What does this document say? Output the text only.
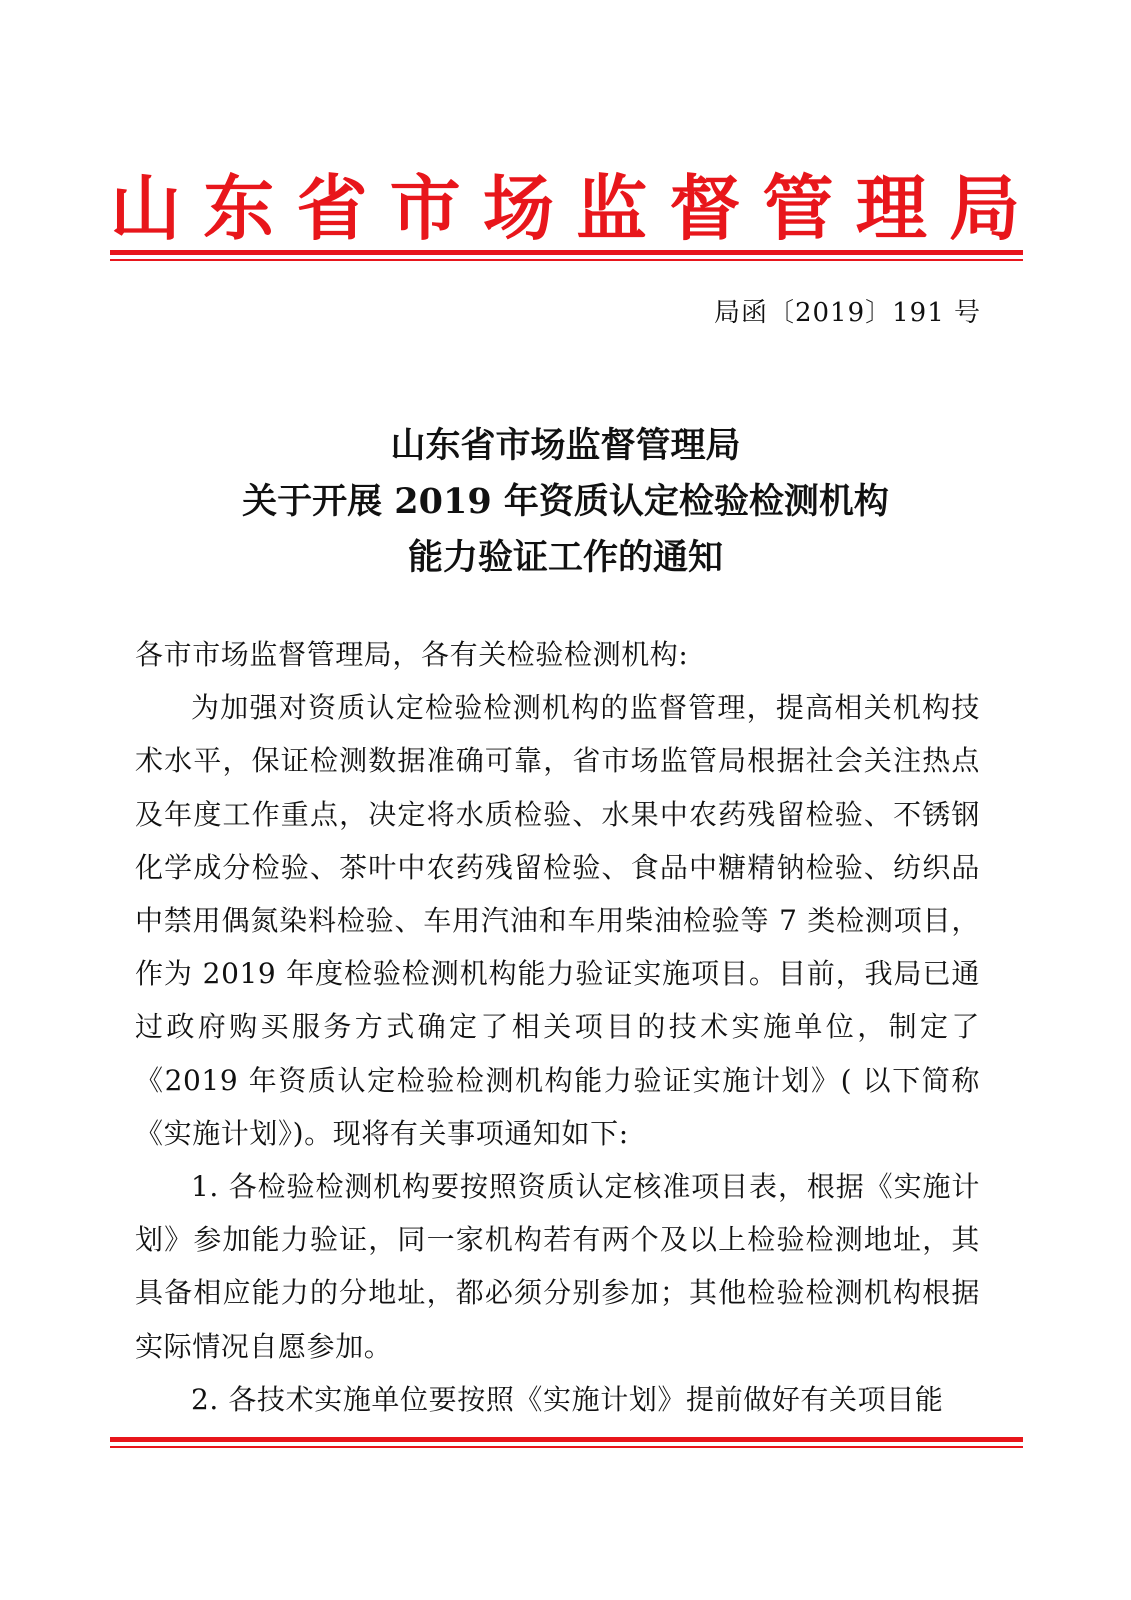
山 东 省 市 场 监 督 管 理 局
局函〔2019〕191 号
山东省市场监督管理局
关于开展 2019 年资质认定检验检测机构
能力验证工作的通知

各市市场监督管理局，各有关检验检测机构:

为加强对资质认定检验检测机构的监督管理，提高相关机构技术水平，保证检测数据准确可靠，省市场监管局根据社会关注热点及年度工作重点，决定将水质检验、水果中农药残留检验、不锈钢化学成分检验、茶叶中农药残留检验、食品中糖精钠检验、纺织品中禁用偶氮染料检验、车用汽油和车用柴油检验等 7 类检测项目，作为 2019 年度检验检测机构能力验证实施项目。目前，我局已通过政府购买服务方式确定了相关项目的技术实施单位，制定了《2019 年资质认定检验检测机构能力验证实施计划》( 以下简称《实施计划》)。现将有关事项通知如下:

1. 各检验检测机构要按照资质认定核准项目表，根据《实施计划》参加能力验证，同一家机构若有两个及以上检验检测地址，其具备相应能力的分地址，都必须分别参加；其他检验检测机构根据实际情况自愿参加。

2. 各技术实施单位要按照《实施计划》提前做好有关项目能
